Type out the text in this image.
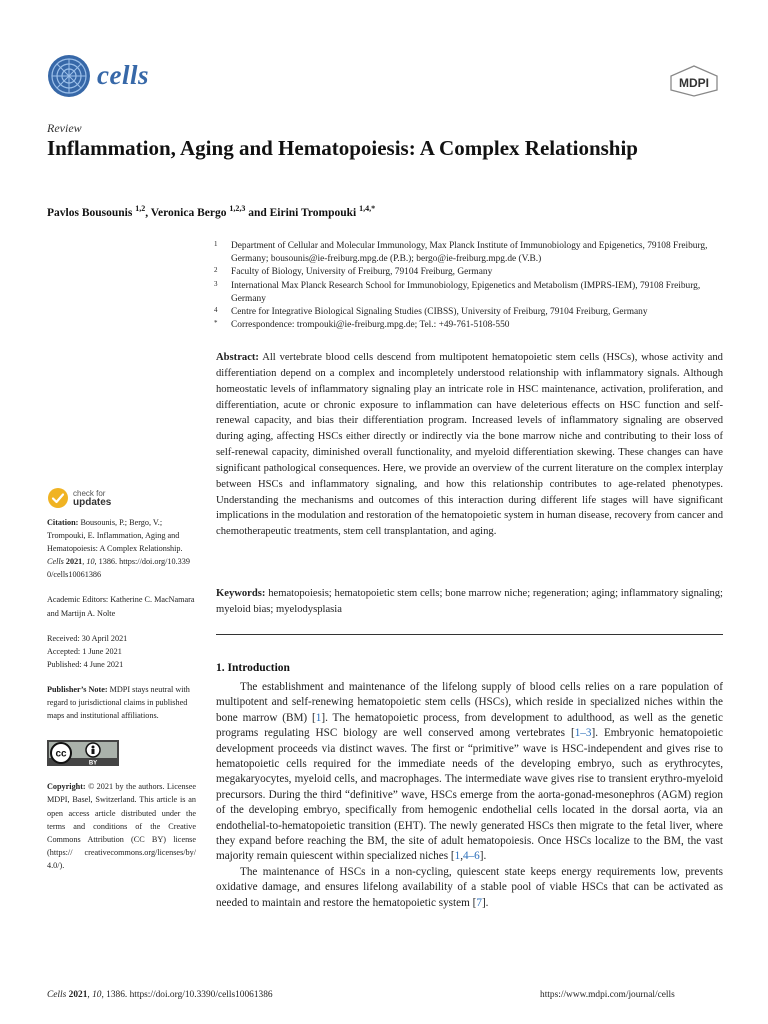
cells	MDPI
Review
Inflammation, Aging and Hematopoiesis: A Complex Relationship
Pavlos Bousounis $^{1,2}$, Veronica Bergo $^{1,2,3}$ and Eirini Trompouki $^{1,4,*}$
1	Department of Cellular and Molecular Immunology, Max Planck Institute of Immunobiology and Epigenetics, 79108 Freiburg, Germany; bousounis@ie-freiburg.mpg.de (P.B.); bergo@ie-freiburg.mpg.de (V.B.)
2	Faculty of Biology, University of Freiburg, 79104 Freiburg, Germany
3	International Max Planck Research School for Immunobiology, Epigenetics and Metabolism (IMPRS-IEM), 79108 Freiburg, Germany
4	Centre for Integrative Biological Signaling Studies (CIBSS), University of Freiburg, 79104 Freiburg, Germany
*	Correspondence: trompouki@ie-freiburg.mpg.de; Tel.: +49-761-5108-550
Abstract: All vertebrate blood cells descend from multipotent hematopoietic stem cells (HSCs), whose activity and differentiation depend on a complex and incompletely understood relationship with inflammatory signals. Although homeostatic levels of inflammatory signaling play an intricate role in HSC maintenance, activation, proliferation, and differentiation, acute or chronic exposure to inflammation can have deleterious effects on HSC function and self-renewal capacity, and bias their differentiation program. Increased levels of inflammatory signaling are observed during aging, affecting HSCs either directly or indirectly via the bone marrow niche and contributing to their loss of self-renewal capacity, diminished overall functionality, and myeloid differentiation skewing. These changes can have significant pathological consequences. Here, we provide an overview of the current literature on the complex interplay between HSCs and inflammatory signaling, and how this relationship contributes to age-related phenotypes. Understanding the mechanisms and outcomes of this interaction during different life stages will have significant implications in the modulation and restoration of the hematopoietic system in human disease, recovery from cancer and chemotherapeutic treatments, stem cell transplantation, and aging.
Keywords: hematopoiesis; hematopoietic stem cells; bone marrow niche; regeneration; aging; inflammatory signaling; myeloid bias; myelodysplasia
check for
updates

Citation: Bousounis, P.; Bergo, V.; Trompouki, E. Inflammation, Aging and Hematopoiesis: A Complex Relationship. Cells 2021, 10, 1386. https://doi.org/10.3390/cells10061386

Academic Editors: Katherine C. MacNamara and Martijn A. Nolte

Received: 30 April 2021

Accepted: 1 June 2021

Published: 4 June 2021

Publisher’s Note: MDPI stays neutral with regard to jurisdictional claims in published maps and institutional affiliations.

cc
BY

Copyright: © 2021 by the authors. Licensee MDPI, Basel, Switzerland. This article is an open access article distributed under the terms and conditions of the Creative Commons Attribution (CC BY) license (https:// creativecommons.org/licenses/by/ 4.0/).

1. Introduction

The establishment and maintenance of the lifelong supply of blood cells relies on a rare population of multipotent and self-renewing hematopoietic stem cells (HSCs), which reside in specialized niches within the bone marrow (BM) [1]. The hematopoietic process, from development to adulthood, as well as the genetic programs regulating HSC biology are well conserved among vertebrates [1–3]. Embryonic hematopoietic development proceeds via distinct waves. The first or “primitive” wave is HSC-independent and gives rise to hematopoietic cells required for the immediate needs of the developing embryo, such as erythrocytes, megakaryocytes, myeloid cells, and macrophages. The intermediate wave gives rise to transient erythro-myeloid precursors. During the third “definitive” wave, HSCs emerge from the aorta-gonad-mesonephros (AGM) region of the developing embryo, specifically from hemogenic endothelial cells located in the dorsal aorta, via an endothelial-to-hematopoietic transition (EHT). The newly generated HSCs then migrate to the fetal liver, where they expand before reaching the BM, the site of adult hematopoiesis. Once HSCs localize to the BM, the vast majority remain quiescent within specialized niches [1,4–6].

The maintenance of HSCs in a non-cycling, quiescent state keeps energy requirements low, prevents oxidative damage, and ensures lifelong availability of a stable pool of viable HSCs that can be activated as needed to maintain and restore the hematopoietic system [7].

Cells 2021, 10, 1386. https://doi.org/10.3390/cells10061386	https://www.mdpi.com/journal/cells
